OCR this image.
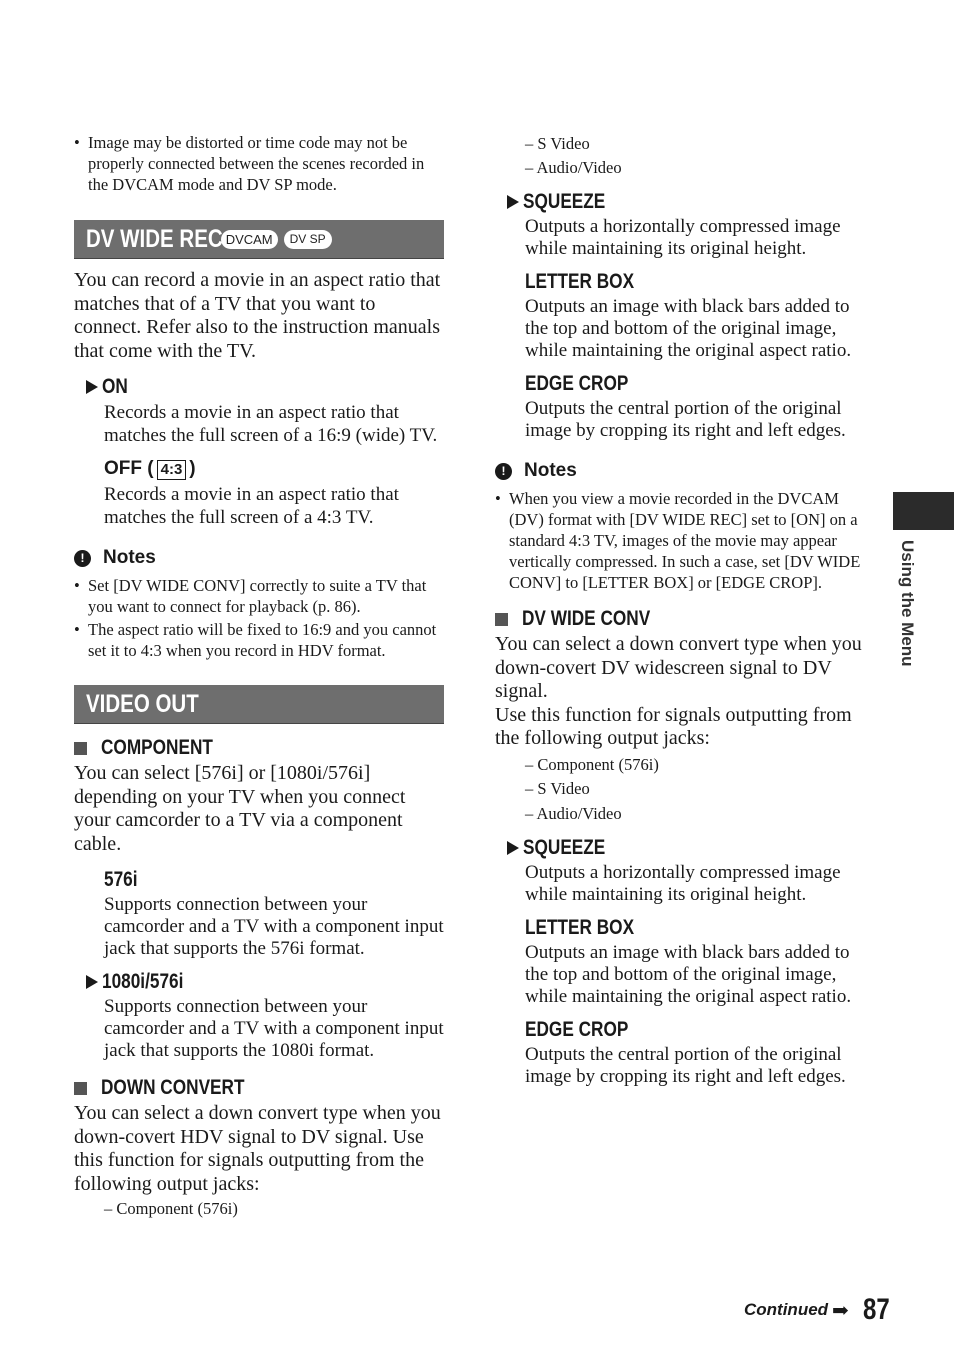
• Image may be distorted or time code may not be properly connected between the scenes recorded in the DVCAM mode and DV SP mode.
DV WIDE REC DVCAM	DV SP

You can record a movie in an aspect ratio that matches that of a TV that you want to connect. Refer also to the instruction manuals that come with the TV.

ON
Records a movie in an aspect ratio that matches the full screen of a 16:9 (wide) TV.
OFF ( 4:3 )
Records a movie in an aspect ratio that matches the full screen of a 4:3 TV.
! Notes
• Set [DV WIDE CONV] correctly to suite a TV that you want to connect for playback (p. 86).
• The aspect ratio will be fixed to 16:9 and you cannot set it to 4:3 when you record in HDV format.
VIDEO OUT
COMPONENT
You can select [576i] or [1080i/576i] depending on your TV when you connect your camcorder to a TV via a component cable.
576i
Supports connection between your camcorder and a TV with a component input jack that supports the 576i format.
1080i/576i
Supports connection between your camcorder and a TV with a component input jack that supports the 1080i format.
DOWN CONVERT
You can select a down convert type when you down-covert HDV signal to DV signal. Use this function for signals outputting from the following output jacks:
– Component (576i)
– S Video
– Audio/Video
SQUEEZE
Outputs a horizontally compressed image while maintaining its original height.
LETTER BOX
Outputs an image with black bars added to the top and bottom of the original image, while maintaining the original aspect ratio.
EDGE CROP
Outputs the central portion of the original image by cropping its right and left edges.
! Notes
• When you view a movie recorded in the DVCAM (DV) format with [DV WIDE REC] set to [ON] on a standard 4:3 TV, images of the movie may appear vertically compressed. In such a case, set [DV WIDE CONV] to [LETTER BOX] or [EDGE CROP].
DV WIDE CONV
You can select a down convert type when you down-covert DV widescreen signal to DV signal.
Use this function for signals outputting from the following output jacks:
– Component (576i)
– S Video
– Audio/Video
SQUEEZE
Outputs a horizontally compressed image while maintaining its original height.
LETTER BOX
Outputs an image with black bars added to the top and bottom of the original image, while maintaining the original aspect ratio.
EDGE CROP
Outputs the central portion of the original image by cropping its right and left edges.
Using the Menu
Continued ➡ 87
